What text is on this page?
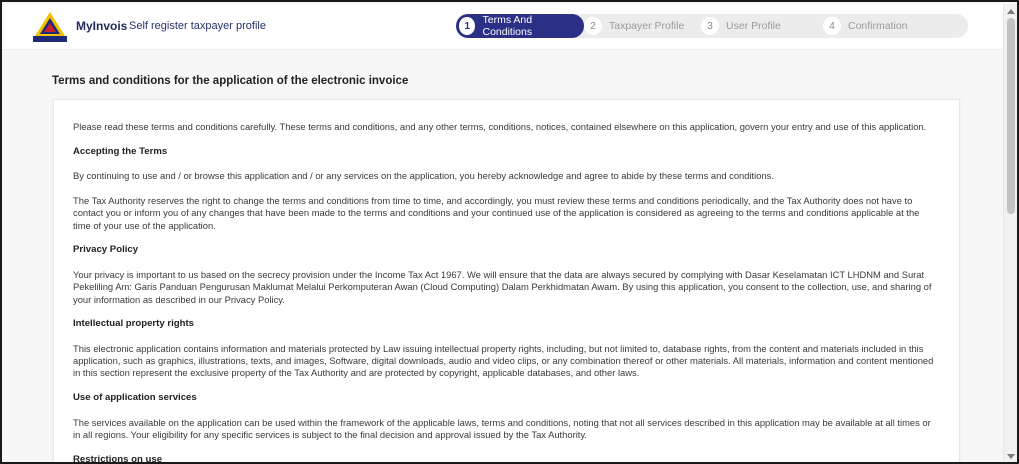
MyInvois Self register taxpayer profile	1	Terms And Conditions	2	Taxpayer Profile	3	User Profile	4	Confirmation
Terms and conditions for the application of the electronic invoice

Please read these terms and conditions carefully. These terms and conditions, and any other terms, conditions, notices, contained elsewhere on this application, govern your entry and use of this application.

Accepting the Terms

By continuing to use and / or browse this application and / or any services on the application, you hereby acknowledge and agree to abide by these terms and conditions.

The Tax Authority reserves the right to change the terms and conditions from time to time, and accordingly, you must review these terms and conditions periodically, and the Tax Authority does not have to contact you or inform you of any changes that have been made to the terms and conditions and your continued use of the application is considered as agreeing to the terms and conditions applicable at the time of your use of the application.

Privacy Policy

Your privacy is important to us based on the secrecy provision under the Income Tax Act 1967. We will ensure that the data are always secured by complying with Dasar Keselamatan ICT LHDNM and Surat Pekeliling Am: Garis Panduan Pengurusan Maklumat Melalui Perkomputeran Awan (Cloud Computing) Dalam Perkhidmatan Awam. By using this application, you consent to the collection, use, and sharing of your information as described in our Privacy Policy.

Intellectual property rights

This electronic application contains information and materials protected by Law issuing intellectual property rights, including, but not limited to, database rights, from the content and materials included in this application, such as graphics, illustrations, texts, and images, Software, digital downloads, audio and video clips, or any combination thereof or other materials. All materials, information and content mentioned in this section represent the exclusive property of the Tax Authority and are protected by copyright, applicable databases, and other laws.

Use of application services

The services available on the application can be used within the framework of the applicable laws, terms and conditions, noting that not all services described in this application may be available at all times or in all regions. Your eligibility for any specific services is subject to the final decision and approval issued by the Tax Authority.

Restrictions on use
